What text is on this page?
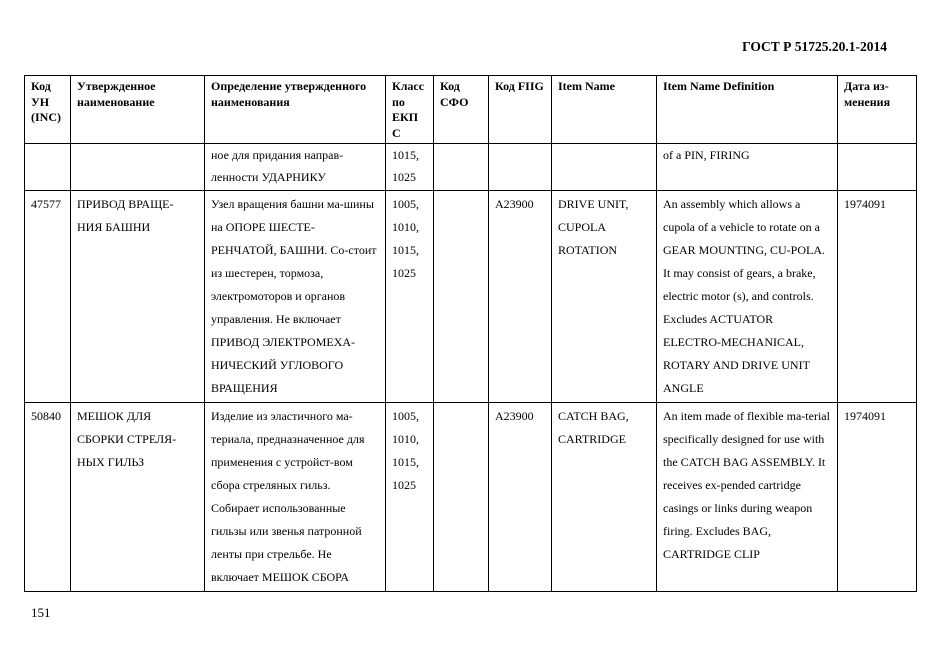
ГОСТ Р 51725.20.1-2014
Код УН (INC)	Утвержденное наименование	Определение утвержденного наименования	Класс по ЕКП С	Код СФО	Код FIIG	Item Name	Item Name Definition	Дата из-менения
		ное для придания направ-ленности УДАРНИКУ	1015, 1025				of a PIN, FIRING	
47577	ПРИВОД ВРАЩЕ-НИЯ БАШНИ	Узел вращения башни ма-шины на ОПОРЕ ШЕСТЕ-РЕНЧАТОЙ, БАШНИ. Со-стоит из шестерен, тормоза, электромоторов и органов управления. Не включает ПРИВОД ЭЛЕКТРОМЕХА-НИЧЕСКИЙ УГЛОВОГО ВРАЩЕНИЯ	1005, 1010, 1015, 1025		A23900	DRIVE UNIT, CUPOLA ROTATION	An assembly which allows a cupola of a vehicle to rotate on a GEAR MOUNTING, CU-POLA. It may consist of gears, a brake, electric motor (s), and controls. Excludes ACTUATOR ELECTRO-MECHANICAL, ROTARY AND DRIVE UNIT ANGLE	1974091
50840	МЕШОК ДЛЯ СБОРКИ СТРЕЛЯ-НЫХ ГИЛЬЗ	Изделие из эластичного ма-териала, предназначенное для применения с устройст-вом сбора стреляных гильз. Собирает использованные гильзы или звенья патронной ленты при стрельбе. Не включает МЕШОК СБОРА	1005, 1010, 1015, 1025		A23900	CATCH BAG, CARTRIDGE	An item made of flexible ma-terial specifically designed for use with the CATCH BAG ASSEMBLY. It receives ex-pended cartridge casings or links during weapon firing. Excludes BAG, CARTRIDGE CLIP	1974091
151
